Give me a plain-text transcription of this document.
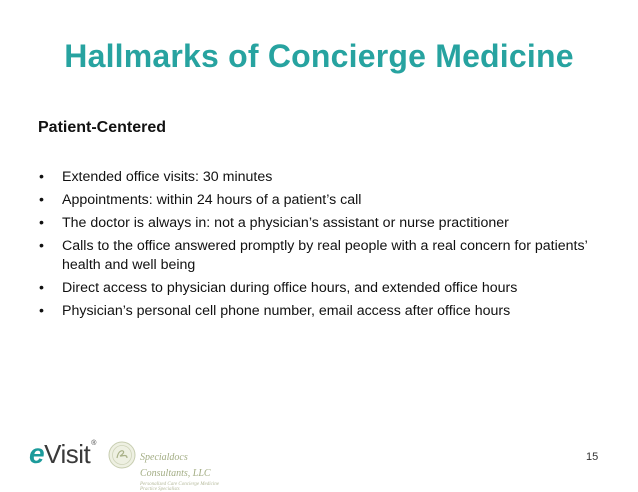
Hallmarks of Concierge Medicine
Patient-Centered
• Extended office visits: 30 minutes
• Appointments: within 24 hours of a patient’s call
• The doctor is always in: not a physician’s assistant or nurse practitioner
• Calls to the office answered promptly by real people with a real concern for patients’ health and well being
• Direct access to physician during office hours, and extended office hours
• Physician’s personal cell phone number, email access after office hours
eVisit®
Specialdocs Consultants, LLC
Personalized Care Concierge Medicine Practice Specialists
15
